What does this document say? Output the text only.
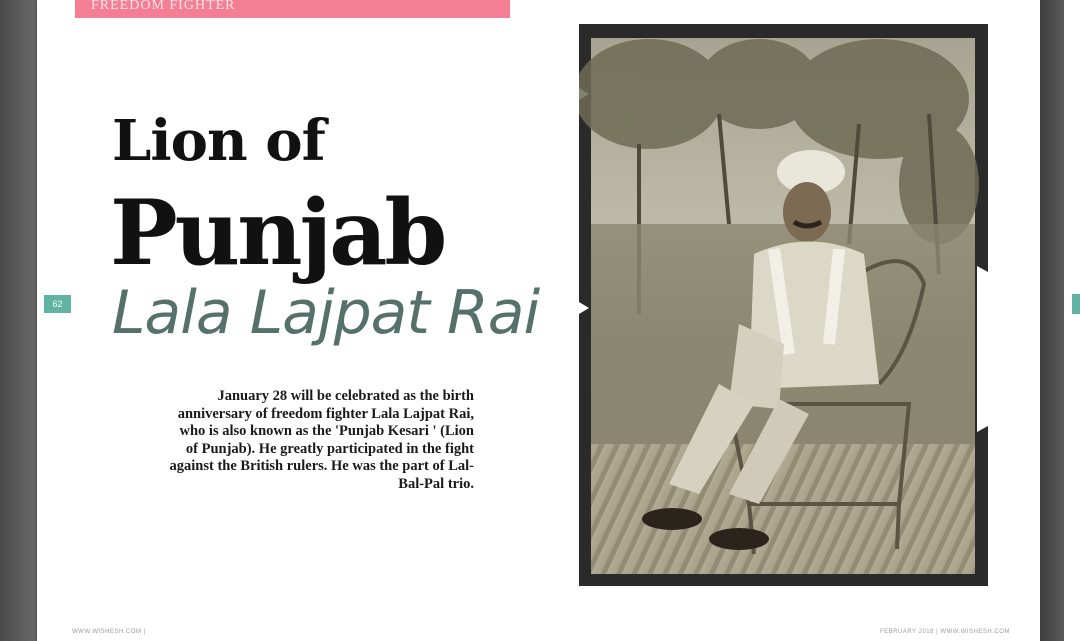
FREEDOM FIGHTER
62
Lion of
Punjab
Lala Lajpat Rai
January 28 will be celebrated as the birth
anniversary of freedom fighter Lala Lajpat Rai,
who is also known as the 'Punjab Kesari ' (Lion
of Punjab). He greatly participated in the fight
against the British rulers. He was the part of Lal-
Bal-Pal trio.
WWW.WISHESH.COM |	FEBRUARY 2018 | WWW.WISHESH.COM
